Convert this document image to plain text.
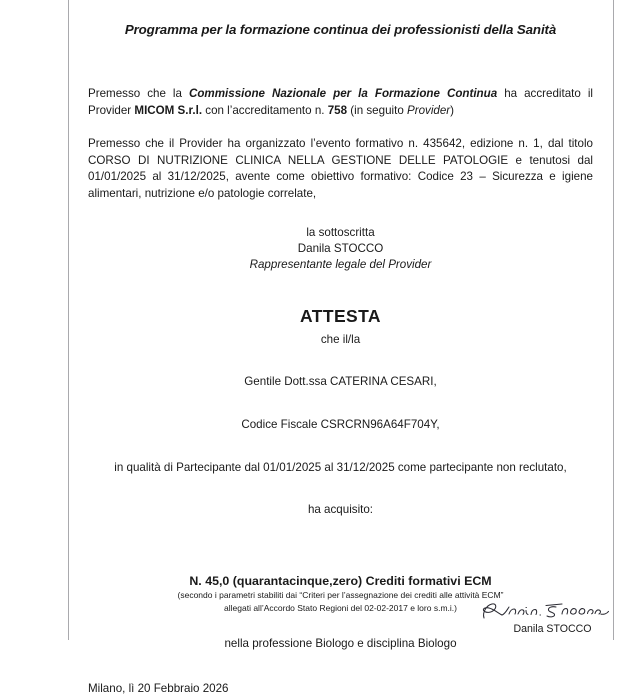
Programma per la formazione continua dei professionisti della Sanità

Premesso che la Commissione Nazionale per la Formazione Continua ha accreditato il Provider MICOM S.r.l. con l’accreditamento n. 758 (in seguito Provider)

Premesso che il Provider ha organizzato l’evento formativo n. 435642, edizione n. 1, dal titolo CORSO DI NUTRIZIONE CLINICA NELLA GESTIONE DELLE PATOLOGIE e tenutosi dal 01/01/2025 al 31/12/2025, avente come obiettivo formativo: Codice 23 – Sicurezza e igiene alimentari, nutrizione e/o patologie correlate,

la sottoscritta

Danila STOCCO

Rappresentante legale del Provider

ATTESTA

che il/la

Gentile Dott.ssa CATERINA CESARI,

Codice Fiscale CSRCRN96A64F704Y,

in qualità di Partecipante dal 01/01/2025 al 31/12/2025 come partecipante non reclutato,

ha acquisito:

N. 45,0 (quarantacinque,zero) Crediti formativi ECM

(secondo i parametri stabiliti dai “Criteri per l’assegnazione dei crediti alle attività ECM”

allegati all’Accordo Stato Regioni del 02-02-2017 e loro s.m.i.)

nella professione Biologo e disciplina Biologo

Milano, lì 20 Febbraio 2026

Danila STOCCO
